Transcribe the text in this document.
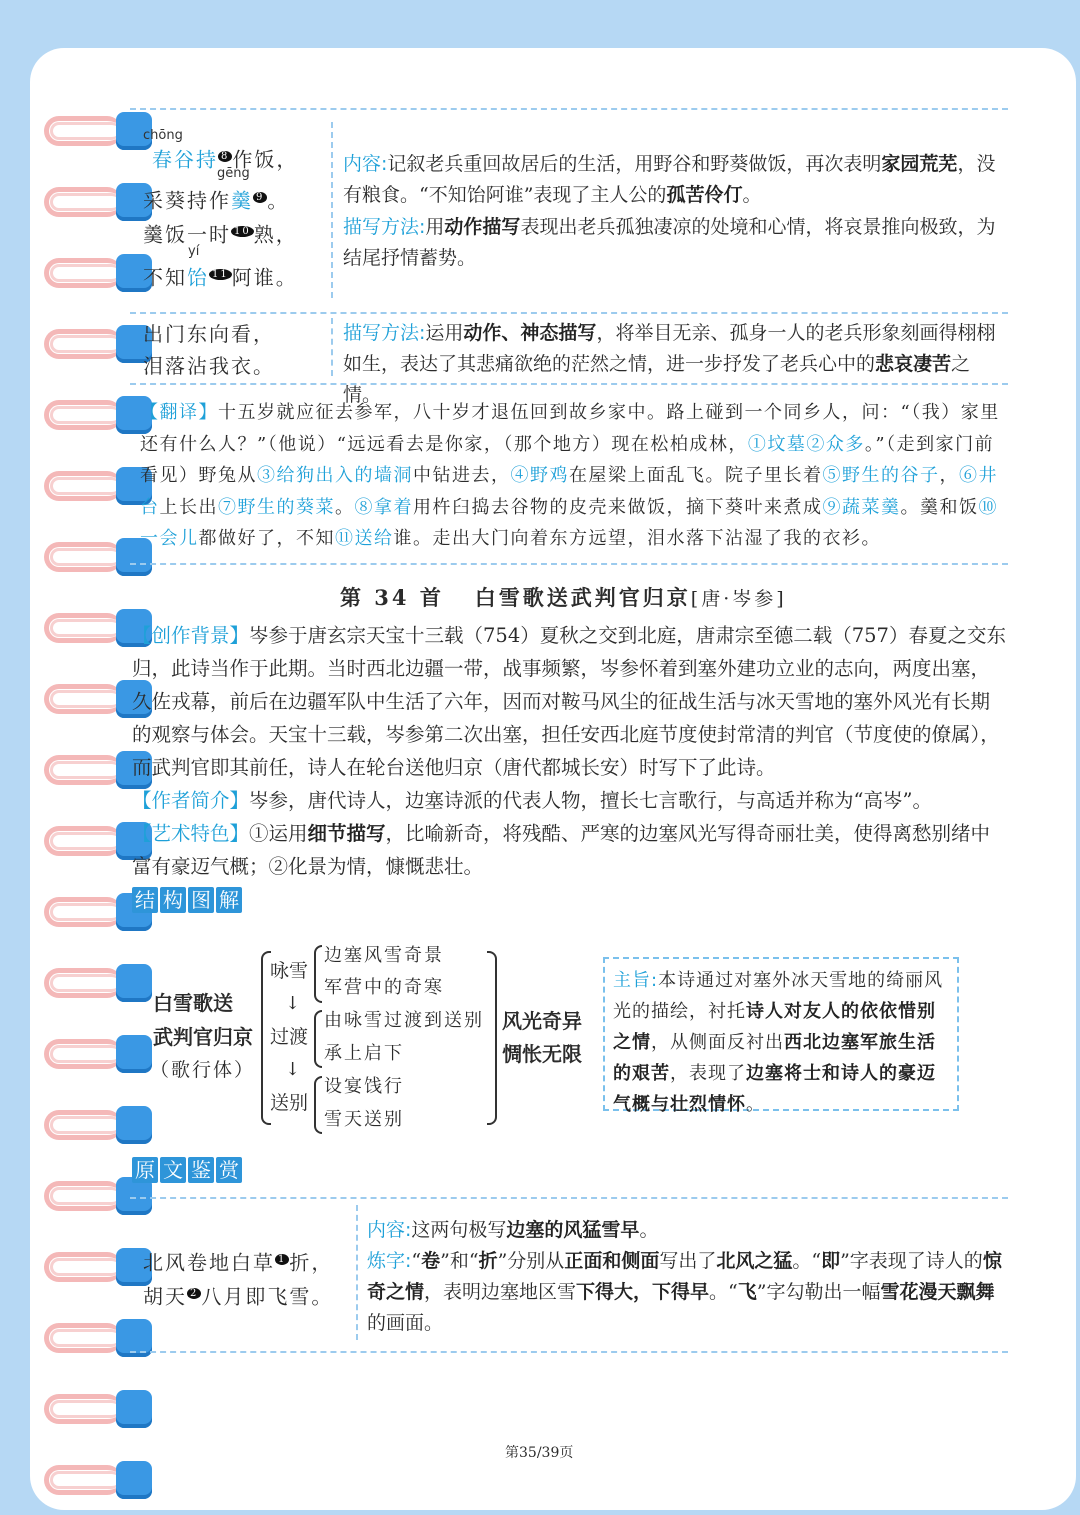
chōng
gēng
春谷持 $^8$ 作饭，
采葵持作羹 $^9$ 。
羹饭一时 $^{10}$ 熟，
yí
不知饴 $^{11}$ 阿谁。
内容:记叙老兵重回故居后的生活，用野谷和野葵做饭，再次表明家园荒芜，没有粮食。“不知饴阿谁”表现了主人公的孤苦伶仃。
描写方法:用动作描写表现出老兵孤独凄凉的处境和心情，将哀景推向极致，为结尾抒情蓄势。
出门东向看，
泪落沾我衣。
描写方法:运用动作、神态描写，将举目无亲、孤身一人的老兵形象刻画得栩栩如生，表达了其悲痛欲绝的茫然之情，进一步抒发了老兵心中的悲哀凄苦之情。
【翻译】十五岁就应征去参军，八十岁才退伍回到故乡家中。路上碰到一个同乡人，问：“（我）家里还有什么人？”（他说）“远远看去是你家，（那个地方）现在松柏成林，①坟墓②众多。”（走到家门前看见）野兔从③给狗出入的墙洞中钻进去，④野鸡在屋梁上面乱飞。院子里长着⑤野生的谷子，⑥井台上长出⑦野生的葵菜。⑧拿着用杵臼捣去谷物的皮壳来做饭，摘下葵叶来煮成⑨蔬菜羹。羹和饭⑩一会儿都做好了，不知⑪送给谁。走出大门向着东方远望，泪水落下沾湿了我的衣衫。
第 34 首 白雪歌送武判官归京[唐·岑参]
【创作背景】岑参于唐玄宗天宝十三载（754）夏秋之交到北庭，唐肃宗至德二载（757）春夏之交东归，此诗当作于此期。当时西北边疆一带，战事频繁，岑参怀着到塞外建功立业的志向，两度出塞，久佐戎幕，前后在边疆军队中生活了六年，因而对鞍马风尘的征战生活与冰天雪地的塞外风光有长期的观察与体会。天宝十三载，岑参第二次出塞，担任安西北庭节度使封常清的判官（节度使的僚属），而武判官即其前任，诗人在轮台送他归京（唐代都城长安）时写下了此诗。
【作者简介】岑参，唐代诗人，边塞诗派的代表人物，擅长七言歌行，与高适并称为“高岑”。
【艺术特色】①运用细节描写，比喻新奇，将残酷、严寒的边塞风光写得奇丽壮美，使得离愁别绪中富有豪迈气概；②化景为情，慷慨悲壮。
结 构 图 解
白雪歌送
武判官归京
（歌行体）
咏雪
↓
过渡
↓
送别
边塞风雪奇景
军营中的奇寒
由咏雪过渡到送别
承上启下
设宴饯行
雪天送别
风光奇异
惆怅无限
主旨:本诗通过对塞外冰天雪地的绮丽风光的描绘，衬托诗人对友人的依依惜别之情，从侧面反衬出西北边塞军旅生活的艰苦，表现了边塞将士和诗人的豪迈气概与壮烈情怀。
原 文 鉴 赏
北风卷地白草 $^1$ 折，
胡天 $^2$ 八月即飞雪。
内容:这两句极写边塞的风猛雪早。
炼字:“卷”和“折”分别从正面和侧面写出了北风之猛。“即”字表现了诗人的惊奇之情，表明边塞地区雪下得大，下得早。“飞”字勾勒出一幅雪花漫天飘舞的画面。
第35/39页
